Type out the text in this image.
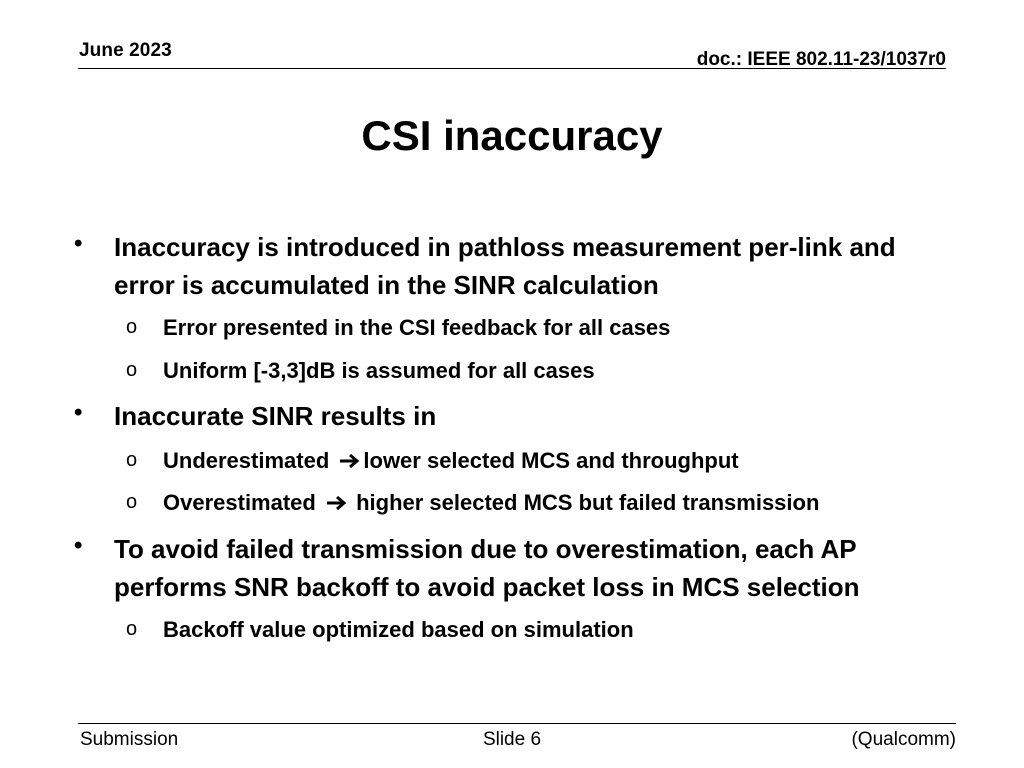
June 2023	doc.: IEEE 802.11-23/1037r0
CSI inaccuracy
• Inaccuracy is introduced in pathloss measurement per-link and
error is accumulated in the SINR calculation
o Error presented in the CSI feedback for all cases
o Uniform [-3,3]dB is assumed for all cases
• Inaccurate SINR results in
o Underestimated lower selected MCS and throughput
o Overestimated  higher selected MCS but failed transmission
• To avoid failed transmission due to overestimation, each AP
performs SNR backoff to avoid packet loss in MCS selection
o Backoff value optimized based on simulation
Submission	Slide 6	(Qualcomm)
